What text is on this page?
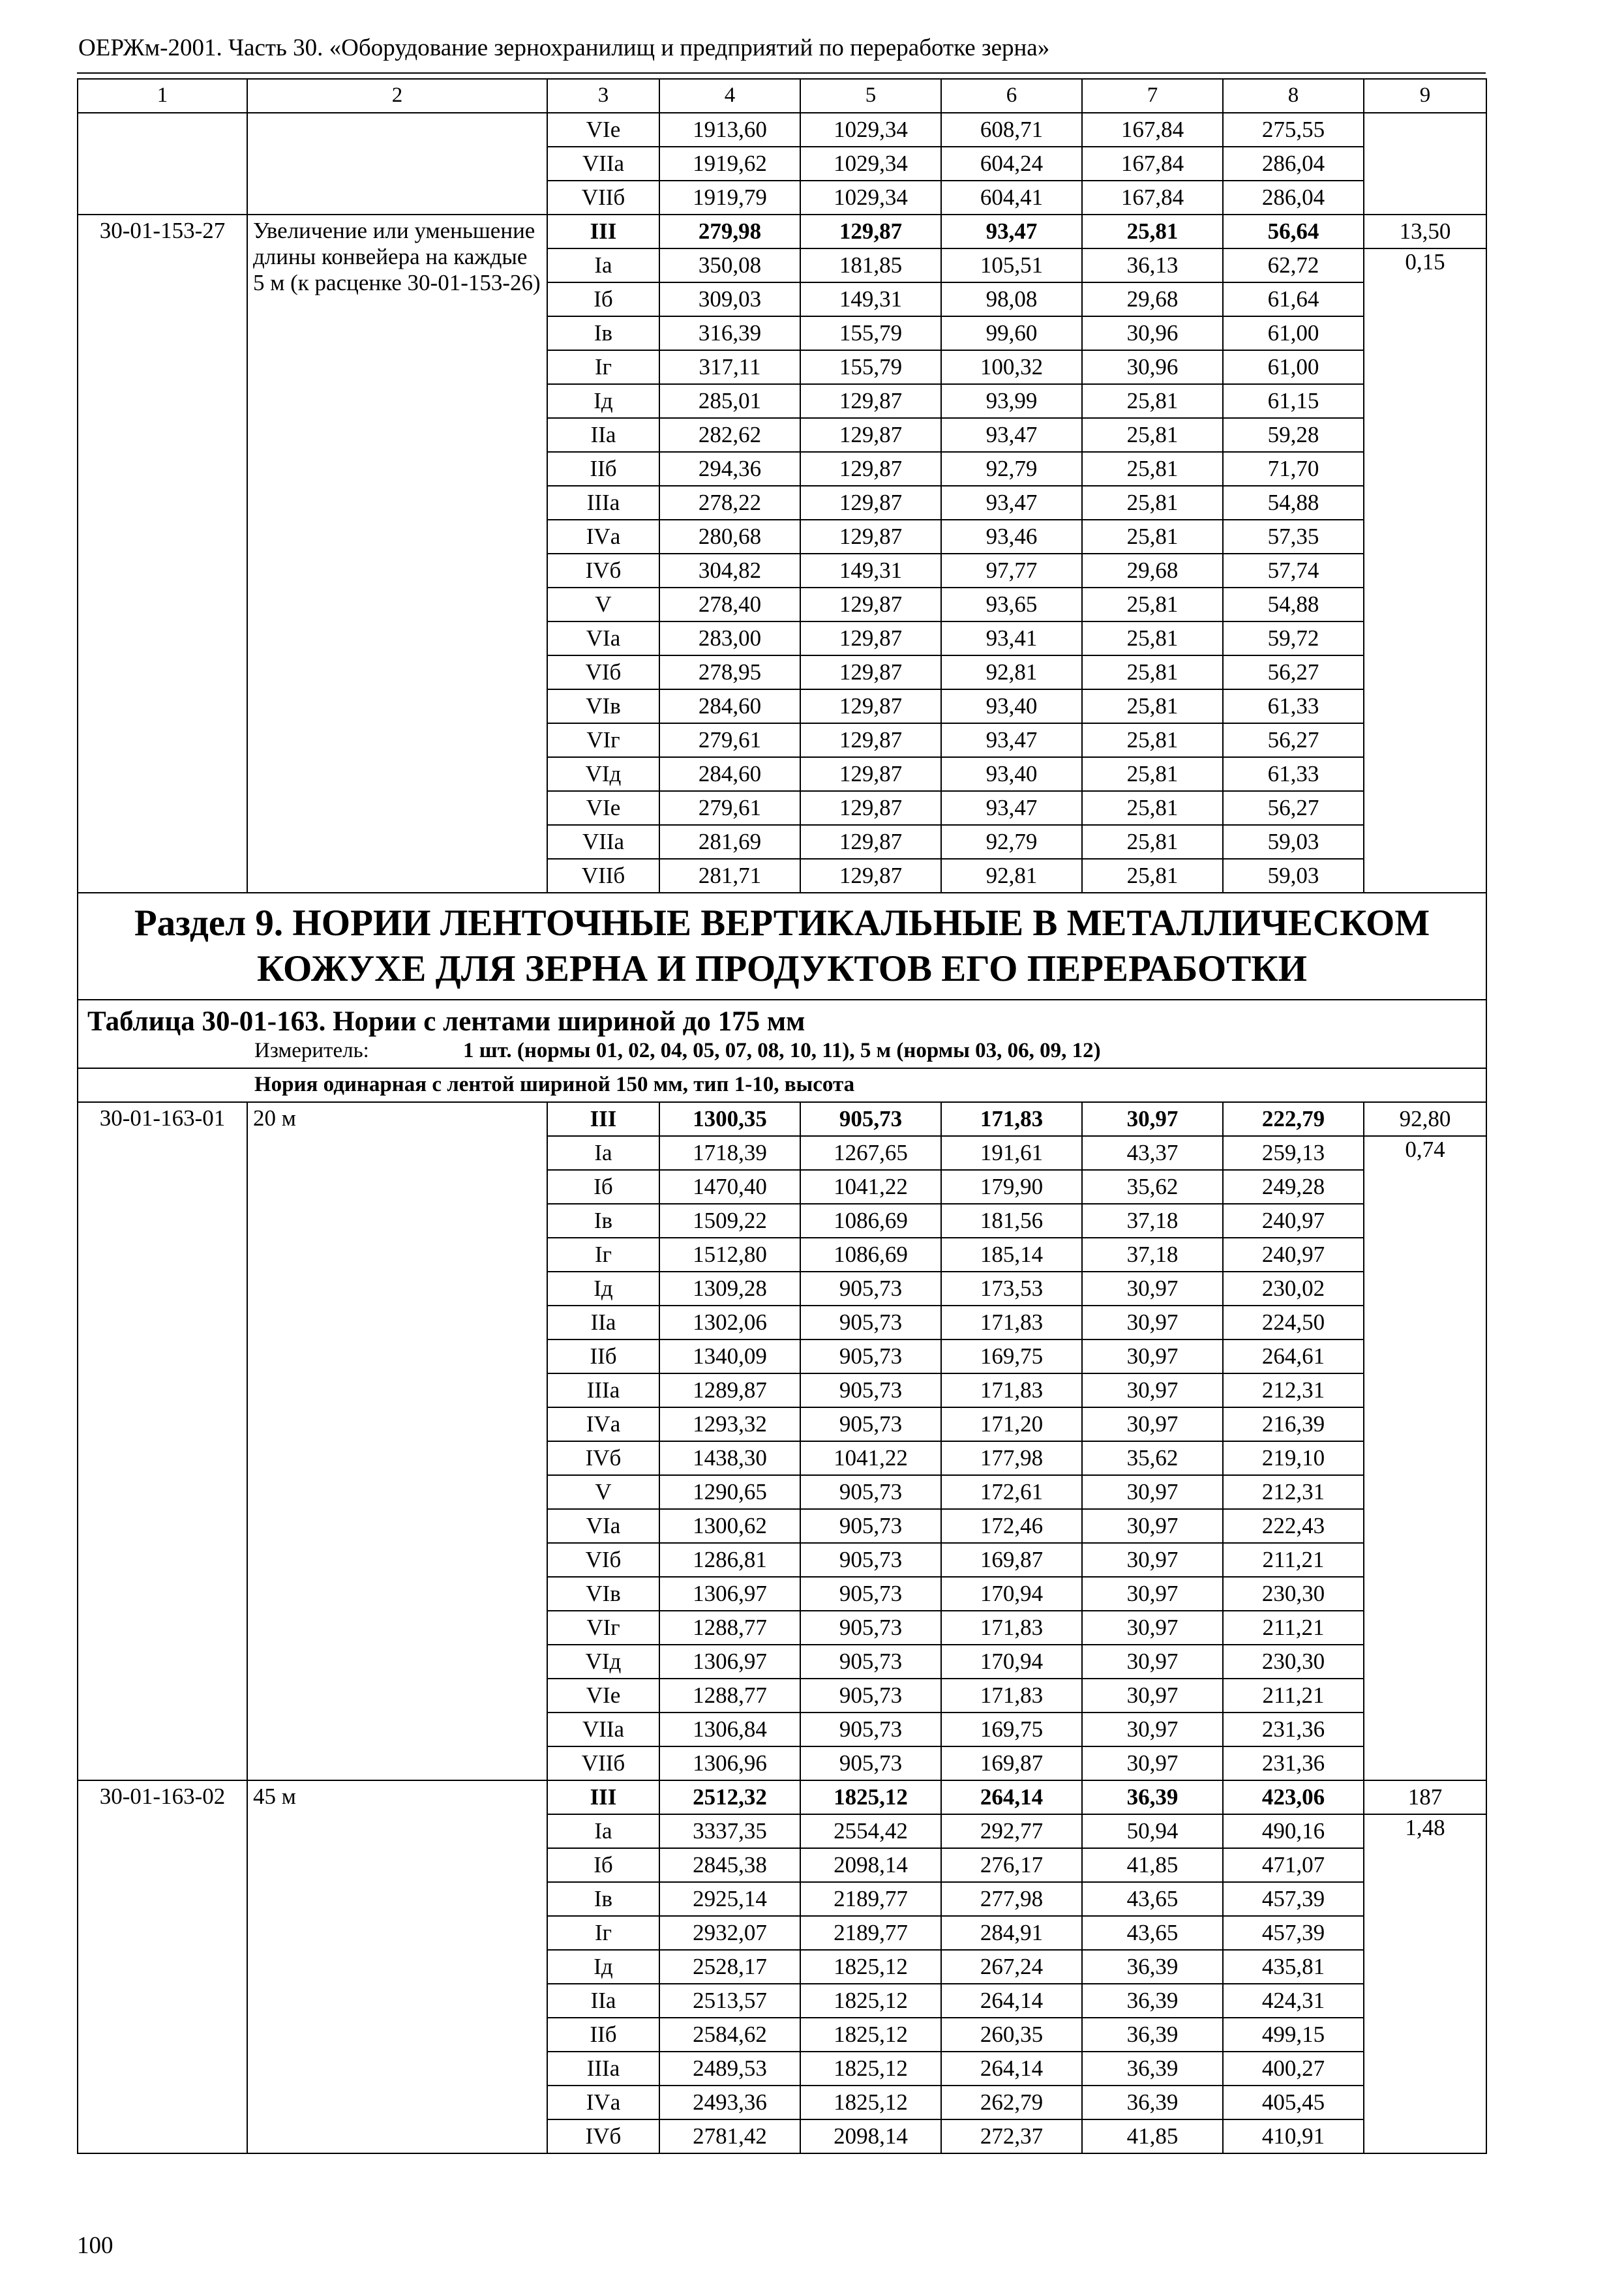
ОЕРЖм-2001. Часть 30. «Оборудование зернохранилищ и предприятий по переработке зерна»
1	2	3	4	5	6	7	8	9
		VIе	1913,60	1029,34	608,71	167,84	275,55	
		VIIа	1919,62	1029,34	604,24	167,84	286,04	
		VIIб	1919,79	1029,34	604,41	167,84	286,04	
30-01-153-27	Увеличение или уменьшение длины конвейера на каждые 5 м (к расценке 30-01-153-26)	III	279,98	129,87	93,47	25,81	56,64	13,50
		Iа	350,08	181,85	105,51	36,13	62,72	0,15
		Iб	309,03	149,31	98,08	29,68	61,64	
		Iв	316,39	155,79	99,60	30,96	61,00	
		Iг	317,11	155,79	100,32	30,96	61,00	
		Iд	285,01	129,87	93,99	25,81	61,15	
		IIа	282,62	129,87	93,47	25,81	59,28	
		IIб	294,36	129,87	92,79	25,81	71,70	
		IIIа	278,22	129,87	93,47	25,81	54,88	
		IVа	280,68	129,87	93,46	25,81	57,35	
		IVб	304,82	149,31	97,77	29,68	57,74	
		V	278,40	129,87	93,65	25,81	54,88	
		VIа	283,00	129,87	93,41	25,81	59,72	
		VIб	278,95	129,87	92,81	25,81	56,27	
		VIв	284,60	129,87	93,40	25,81	61,33	
		VIг	279,61	129,87	93,47	25,81	56,27	
		VIд	284,60	129,87	93,40	25,81	61,33	
		VIе	279,61	129,87	93,47	25,81	56,27	
		VIIа	281,69	129,87	92,79	25,81	59,03	
		VIIб	281,71	129,87	92,81	25,81	59,03	
Раздел 9. НОРИИ ЛЕНТОЧНЫЕ ВЕРТИКАЛЬНЫЕ В МЕТАЛЛИЧЕСКОМ КОЖУХЕ ДЛЯ ЗЕРНА И ПРОДУКТОВ ЕГО ПЕРЕРАБОТКИ								

Таблица 30-01-163. Нории с лентами шириной до 175 мм
Измеритель: 1 шт. (нормы 01, 02, 04, 05, 07, 08, 10, 11), 5 м (нормы 03, 06, 09, 12)								

Нория одинарная с лентой шириной 150 мм, тип 1-10, высота								
30-01-163-01	20 м	III	1300,35	905,73	171,83	30,97	222,79	92,80
		Iа	1718,39	1267,65	191,61	43,37	259,13	0,74
		Iб	1470,40	1041,22	179,90	35,62	249,28	
		Iв	1509,22	1086,69	181,56	37,18	240,97	
		Iг	1512,80	1086,69	185,14	37,18	240,97	
		Iд	1309,28	905,73	173,53	30,97	230,02	
		IIа	1302,06	905,73	171,83	30,97	224,50	
		IIб	1340,09	905,73	169,75	30,97	264,61	
		IIIа	1289,87	905,73	171,83	30,97	212,31	
		IVа	1293,32	905,73	171,20	30,97	216,39	
		IVб	1438,30	1041,22	177,98	35,62	219,10	
		V	1290,65	905,73	172,61	30,97	212,31	
		VIа	1300,62	905,73	172,46	30,97	222,43	
		VIб	1286,81	905,73	169,87	30,97	211,21	
		VIв	1306,97	905,73	170,94	30,97	230,30	
		VIг	1288,77	905,73	171,83	30,97	211,21	
		VIд	1306,97	905,73	170,94	30,97	230,30	
		VIе	1288,77	905,73	171,83	30,97	211,21	
		VIIа	1306,84	905,73	169,75	30,97	231,36	
		VIIб	1306,96	905,73	169,87	30,97	231,36	
30-01-163-02	45 м	III	2512,32	1825,12	264,14	36,39	423,06	187
		Iа	3337,35	2554,42	292,77	50,94	490,16	1,48
		Iб	2845,38	2098,14	276,17	41,85	471,07	
		Iв	2925,14	2189,77	277,98	43,65	457,39	
		Iг	2932,07	2189,77	284,91	43,65	457,39	
		Iд	2528,17	1825,12	267,24	36,39	435,81	
		IIа	2513,57	1825,12	264,14	36,39	424,31	
		IIб	2584,62	1825,12	260,35	36,39	499,15	
		IIIа	2489,53	1825,12	264,14	36,39	400,27	
		IVа	2493,36	1825,12	262,79	36,39	405,45	
		IVб	2781,42	2098,14	272,37	41,85	410,91	
100
